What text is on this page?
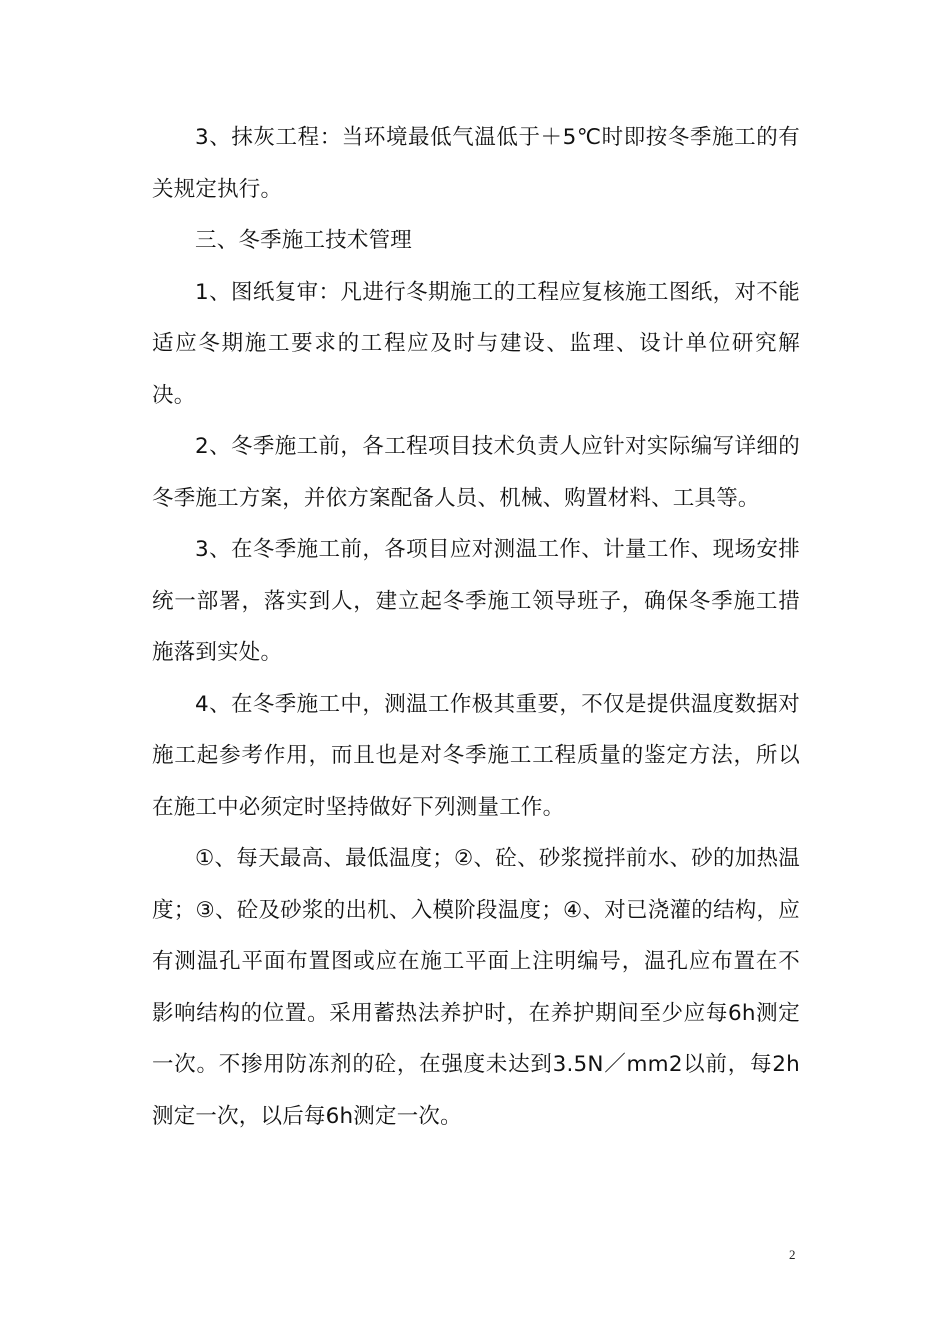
3、抹灰工程：当环境最低气温低于＋5℃时即按冬季施工的有关规定执行。

三、冬季施工技术管理

1、图纸复审：凡进行冬期施工的工程应复核施工图纸，对不能适应冬期施工要求的工程应及时与建设、监理、设计单位研究解决。

2、冬季施工前，各工程项目技术负责人应针对实际编写详细的冬季施工方案，并依方案配备人员、机械、购置材料、工具等。

3、在冬季施工前，各项目应对测温工作、计量工作、现场安排统一部署，落实到人，建立起冬季施工领导班子，确保冬季施工措施落到实处。

4、在冬季施工中，测温工作极其重要，不仅是提供温度数据对施工起参考作用，而且也是对冬季施工工程质量的鉴定方法，所以在施工中必须定时坚持做好下列测量工作。

①、每天最高、最低温度；②、砼、砂浆搅拌前水、砂的加热温度；③、砼及砂浆的出机、入模阶段温度；④、对已浇灌的结构，应有测温孔平面布置图或应在施工平面上注明编号，温孔应布置在不影响结构的位置。采用蓄热法养护时，在养护期间至少应每6h测定一次。不掺用防冻剂的砼，在强度未达到3.5N／mm2以前，每2h测定一次，以后每6h测定一次。

2
